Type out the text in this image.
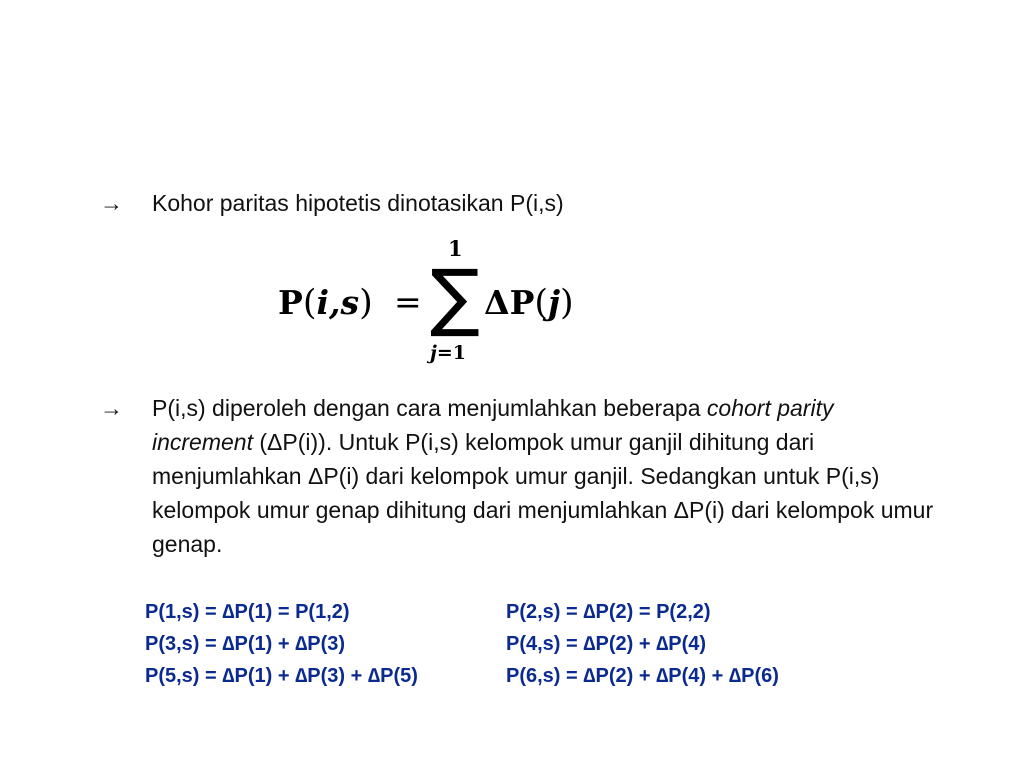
→	Kohor paritas hipotetis dinotasikan P(i,s)
P(i,s) =
1
∑
j=1
ΔP(j)
→	P(i,s) diperoleh dengan cara menjumlahkan beberapa cohort parity increment (ΔP(i)). Untuk P(i,s) kelompok umur ganjil dihitung dari menjumlahkan ΔP(i) dari kelompok umur ganjil. Sedangkan untuk P(i,s) kelompok umur genap dihitung dari menjumlahkan ΔP(i) dari kelompok umur genap.
P(1,s) = ∆P(1) = P(1,2)	P(2,s) = ∆P(2) = P(2,2)
P(3,s) = ∆P(1) + ∆P(3)	P(4,s) = ∆P(2) + ∆P(4)
P(5,s) = ∆P(1) + ∆P(3) + ∆P(5)	P(6,s) = ∆P(2) + ∆P(4) + ∆P(6)
